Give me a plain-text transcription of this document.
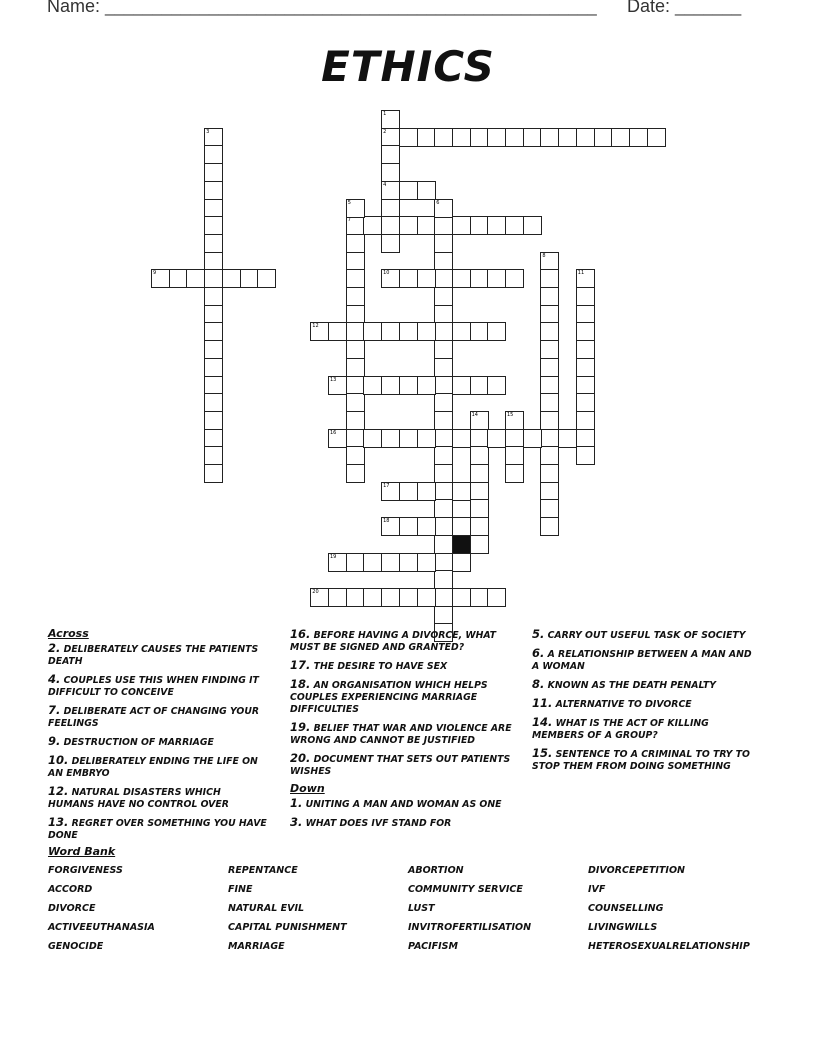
Name: ____________________________________________________ Date: _______
ETHICS
2
3
1
4
7
5	6
9	10
8
11
12
13
14	15
16
17
18
19
20
Across
2. DELIBERATELY CAUSES THE PATIENTS DEATH
4. COUPLES USE THIS WHEN FINDING IT DIFFICULT TO CONCEIVE
7. DELIBERATE ACT OF CHANGING YOUR FEELINGS
9. DESTRUCTION OF MARRIAGE
10. DELIBERATELY ENDING THE LIFE ON AN EMBRYO
12. NATURAL DISASTERS WHICH HUMANS HAVE NO CONTROL OVER
13. REGRET OVER SOMETHING YOU HAVE DONE
16. BEFORE HAVING A DIVORCE, WHAT MUST BE SIGNED AND GRANTED?
17. THE DESIRE TO HAVE SEX
18. AN ORGANISATION WHICH HELPS COUPLES EXPERIENCING MARRIAGE DIFFICULTIES
19. BELIEF THAT WAR AND VIOLENCE ARE WRONG AND CANNOT BE JUSTIFIED
20. DOCUMENT THAT SETS OUT PATIENTS WISHES
Down
1. UNITING A MAN AND WOMAN AS ONE
3. WHAT DOES IVF STAND FOR
5. CARRY OUT USEFUL TASK OF SOCIETY
6. A RELATIONSHIP BETWEEN A MAN AND A WOMAN
8. KNOWN AS THE DEATH PENALTY
11. ALTERNATIVE TO DIVORCE
14. WHAT IS THE ACT OF KILLING MEMBERS OF A GROUP?
15. SENTENCE TO A CRIMINAL TO TRY TO STOP THEM FROM DOING SOMETHING
Word Bank
FORGIVENESS	REPENTANCE	ABORTION	DIVORCEPETITION
ACCORD	FINE	COMMUNITY SERVICE	IVF
DIVORCE	NATURAL EVIL	LUST	COUNSELLING
ACTIVEEUTHANASIA	CAPITAL PUNISHMENT	INVITROFERTILISATION	LIVINGWILLS
GENOCIDE	MARRIAGE	PACIFISM	HETEROSEXUALRELATIONSHIP
